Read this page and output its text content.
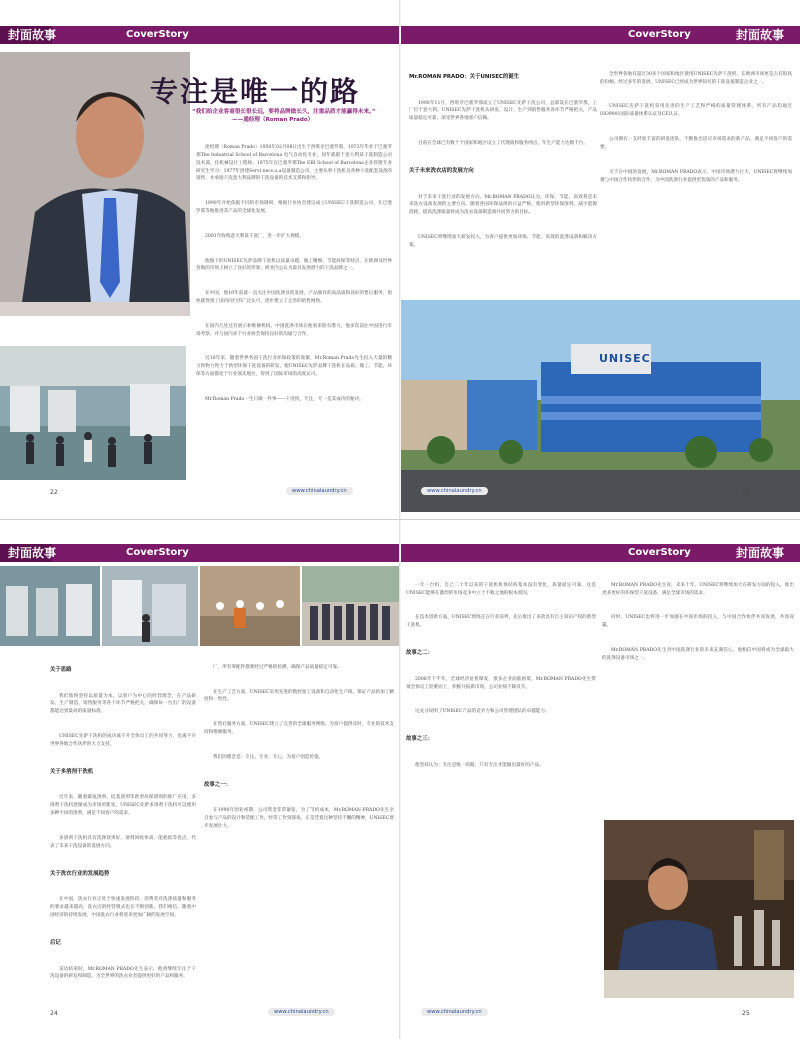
封面故事	CoverStory	CoverStory	封面故事
专注是唯一的路
“我们给企业客商很长很长远，要将品牌做长久，注重品质才能赢得未来。”
——通经理（Roman Prado）

庞经理（Roman Prado）1950年02月08日出生于西班牙巴塞罗那，1972年毕业于巴塞罗那The Industrial School of Barcelona 电气自动化专业，同年就职于意大利某干洗制造公司技术部，任机械设计工程师。1975年在巴塞罗那The EBI School of Barcelona企业管理专业研究生学习；1977年创建Servi neco.s.a设备制造公司，主要从事干洗机及各种干洗配套设备的销售、并承接干洗意大利品牌的干洗设备的技术支援和指导。

1990年开始依据不同的市场调研，根据行业协会建议成立UNISEC干洗制造公司，在巴塞罗那等地推进其产品的全球化发展。

2001年收购意大利某干洗厂，进一步扩大规模。

他独下的UNISEC先萨品牌干洗机以质量卓越、做工精细、节能环保等特点，在欧洲及世界各地的市场上树立了良好的形象，被业内公认为最具发展潜力的干洗品牌之一。

在中国，他10年前就一直关注中国洗涤业的发展，产品独有的高品质和良好的售后服务，很快就得到了国内同行的广泛认可，逐步建立了完善的销售网络。

在国内几处还有展示和维修机构。中国洗涤市场在他看来很有潜力，他多次前往中国进行市场考察，并与国内多个行业协会保持良好的沟通与合作。

近10年来，随着世界各国干洗行业环保政策的收紧，Mr.Roman Prado先生投入大量的精力和物力致力于新型环保干洗设备的研发，使UNISEC先萨品牌干洗机在品质、做工、节能、环保等方面都处于行业领先地位，得到了国际市场的高度认可。

Mr.Roman Prado一生只做一件事——干洗机，专注，专一是其成功的秘诀。

22	www.chinalaundry.cn

Mr.ROMAN PRADO：关于UNISEC的诞生

1990年11月，西班牙巴塞罗那成立了UNISEC先萨干洗公司，总部设在巴塞罗那，工厂位于意大利。UNISEC先萨干洗机从研发、设计、生产到销售服务各环节严格把关，产品质量稳定可靠，深受世界各地客户信赖。

目前在全球已有数十个国家和地区设立了代理商和服务网点，年生产能力达数千台。

关于未来洗衣店的发展方向

对于未来干洗行业的发展方向，Mr.ROMAN PRADO认为，环保、节能、高效将是未来洗衣设备发展的主要方向。随着各国环保法规的日益严格，使用新型环保溶剂、减少能源消耗、提高洗涤质量将成为洗衣设备制造商共同努力的目标。

UNISEC将继续加大研发投入，为客户提供更加环保、节能、高效的洗涤设备和解决方案。

全世界各地有超过30多个国家和地区使用UNISEC先萨干洗机，在欧洲市场更是占有很高的份额。经过多年的发展，UNISEC已经成为世界知名的干洗设备制造企业之一。

UNISEC先萨干洗机采用先进的生产工艺和严格的质量管理体系，所有产品均通过ISO9001国际质量体系认证及CE认证。

公司拥有一支经验丰富的研发团队，不断推出适应市场需求的新产品，满足不同客户的需要。

关于在中国的发展，Mr.ROMAN PRADO表示，中国市场潜力巨大，UNISEC将继续加强与中国合作伙伴的合作，为中国洗涤行业提供更优质的产品和服务。

UNISEC
www.chinalaundry.cn	23
封面故事	CoverStory	CoverStory	封面故事

关于思路

我们始终坚持以质量为本、以客户为中心的经营理念，在产品研发、生产制造、销售服务等各个环节严格把关，确保每一台出厂的设备都能达到最高的质量标准。

UNISEC先萨干洗机的成功离不开全体员工的共同努力，也离不开世界各地合作伙伴的大力支持。

关于多溶剂干洗机

近年来，随着碳氢溶剂、硅基溶剂等新型环保溶剂的推广应用，多溶剂干洗机逐渐成为市场的新宠。UNISEC先萨多溶剂干洗机可以使用多种不同的溶剂，满足不同客户的需求。

多溶剂干洗机具有洗涤效果好、溶剂回收率高、能耗低等优点，代表了未来干洗设备的发展方向。

关于洗衣行业的发展趋势

在中国，洗衣行业正处于快速发展阶段，消费者对洗涤质量和服务的要求越来越高，洗衣店的经营模式也在不断创新。我们相信，随着中国经济的持续发展，中国洗衣行业将迎来更加广阔的发展空间。

后记

采访结束时，Mr.ROMAN PRADO先生表示，他将继续专注于干洗设备的研发和制造，为全世界的洗衣业者提供更好的产品和服务。

厂，所有零配件都要经过严格的检测，确保产品质量稳定可靠。

在生产工艺方面，UNISEC采用先进的数控加工设备和自动化生产线，保证产品的加工精度和一致性。

在售后服务方面，UNISEC建立了完善的全球服务网络，为客户提供及时、专业的技术支持和维修服务。

我们的理念是：专注、专业、专心，为客户创造价值。

故事之一：

在1990年创业初期，公司资金非常紧张，为了节约成本，Mr.ROMAN PRADO先生亲自参与产品的设计和装配工作，经常工作到深夜。正是凭着这种坚持不懈的精神，UNISEC逐步发展壮大。

24	www.chinalaundry.cn

一年一台机，自己二十年以来的干洗机机体结构基本没有变化，质量稳定可靠，这是UNISEC能够在激烈的市场竞争中立于不败之地的根本原因。

在技术创新方面，UNISEC始终走在行业前列，先后推出了多款具有自主知识产权的新型干洗机。

故事之二：

2008年下半年，全球经济危机爆发，很多企业面临困境。Mr.ROMAN PRADO先生带领全体员工迎难而上，积极开拓新市场，公司业绩不降反升。

这充分说明了UNISEC产品的竞争力和公司管理团队的卓越能力。

故事之三：

他坚持认为：专注是唯一的路，只有专注才能做出最好的产品。

Mr.ROMAN PRADO先生说，未来十年，UNISEC将继续加大在研发方面的投入，推出更多更好的环保型干洗设备，满足全球市场的需求。

同时，UNISEC也将进一步加强在中国市场的投入，与中国合作伙伴共同发展，共创双赢。

Mr.ROMAN PRADO先生对中国洗涤行业的未来充满信心，他相信中国将成为全球最大的洗涤设备市场之一。

www.chinalaundry.cn	25
